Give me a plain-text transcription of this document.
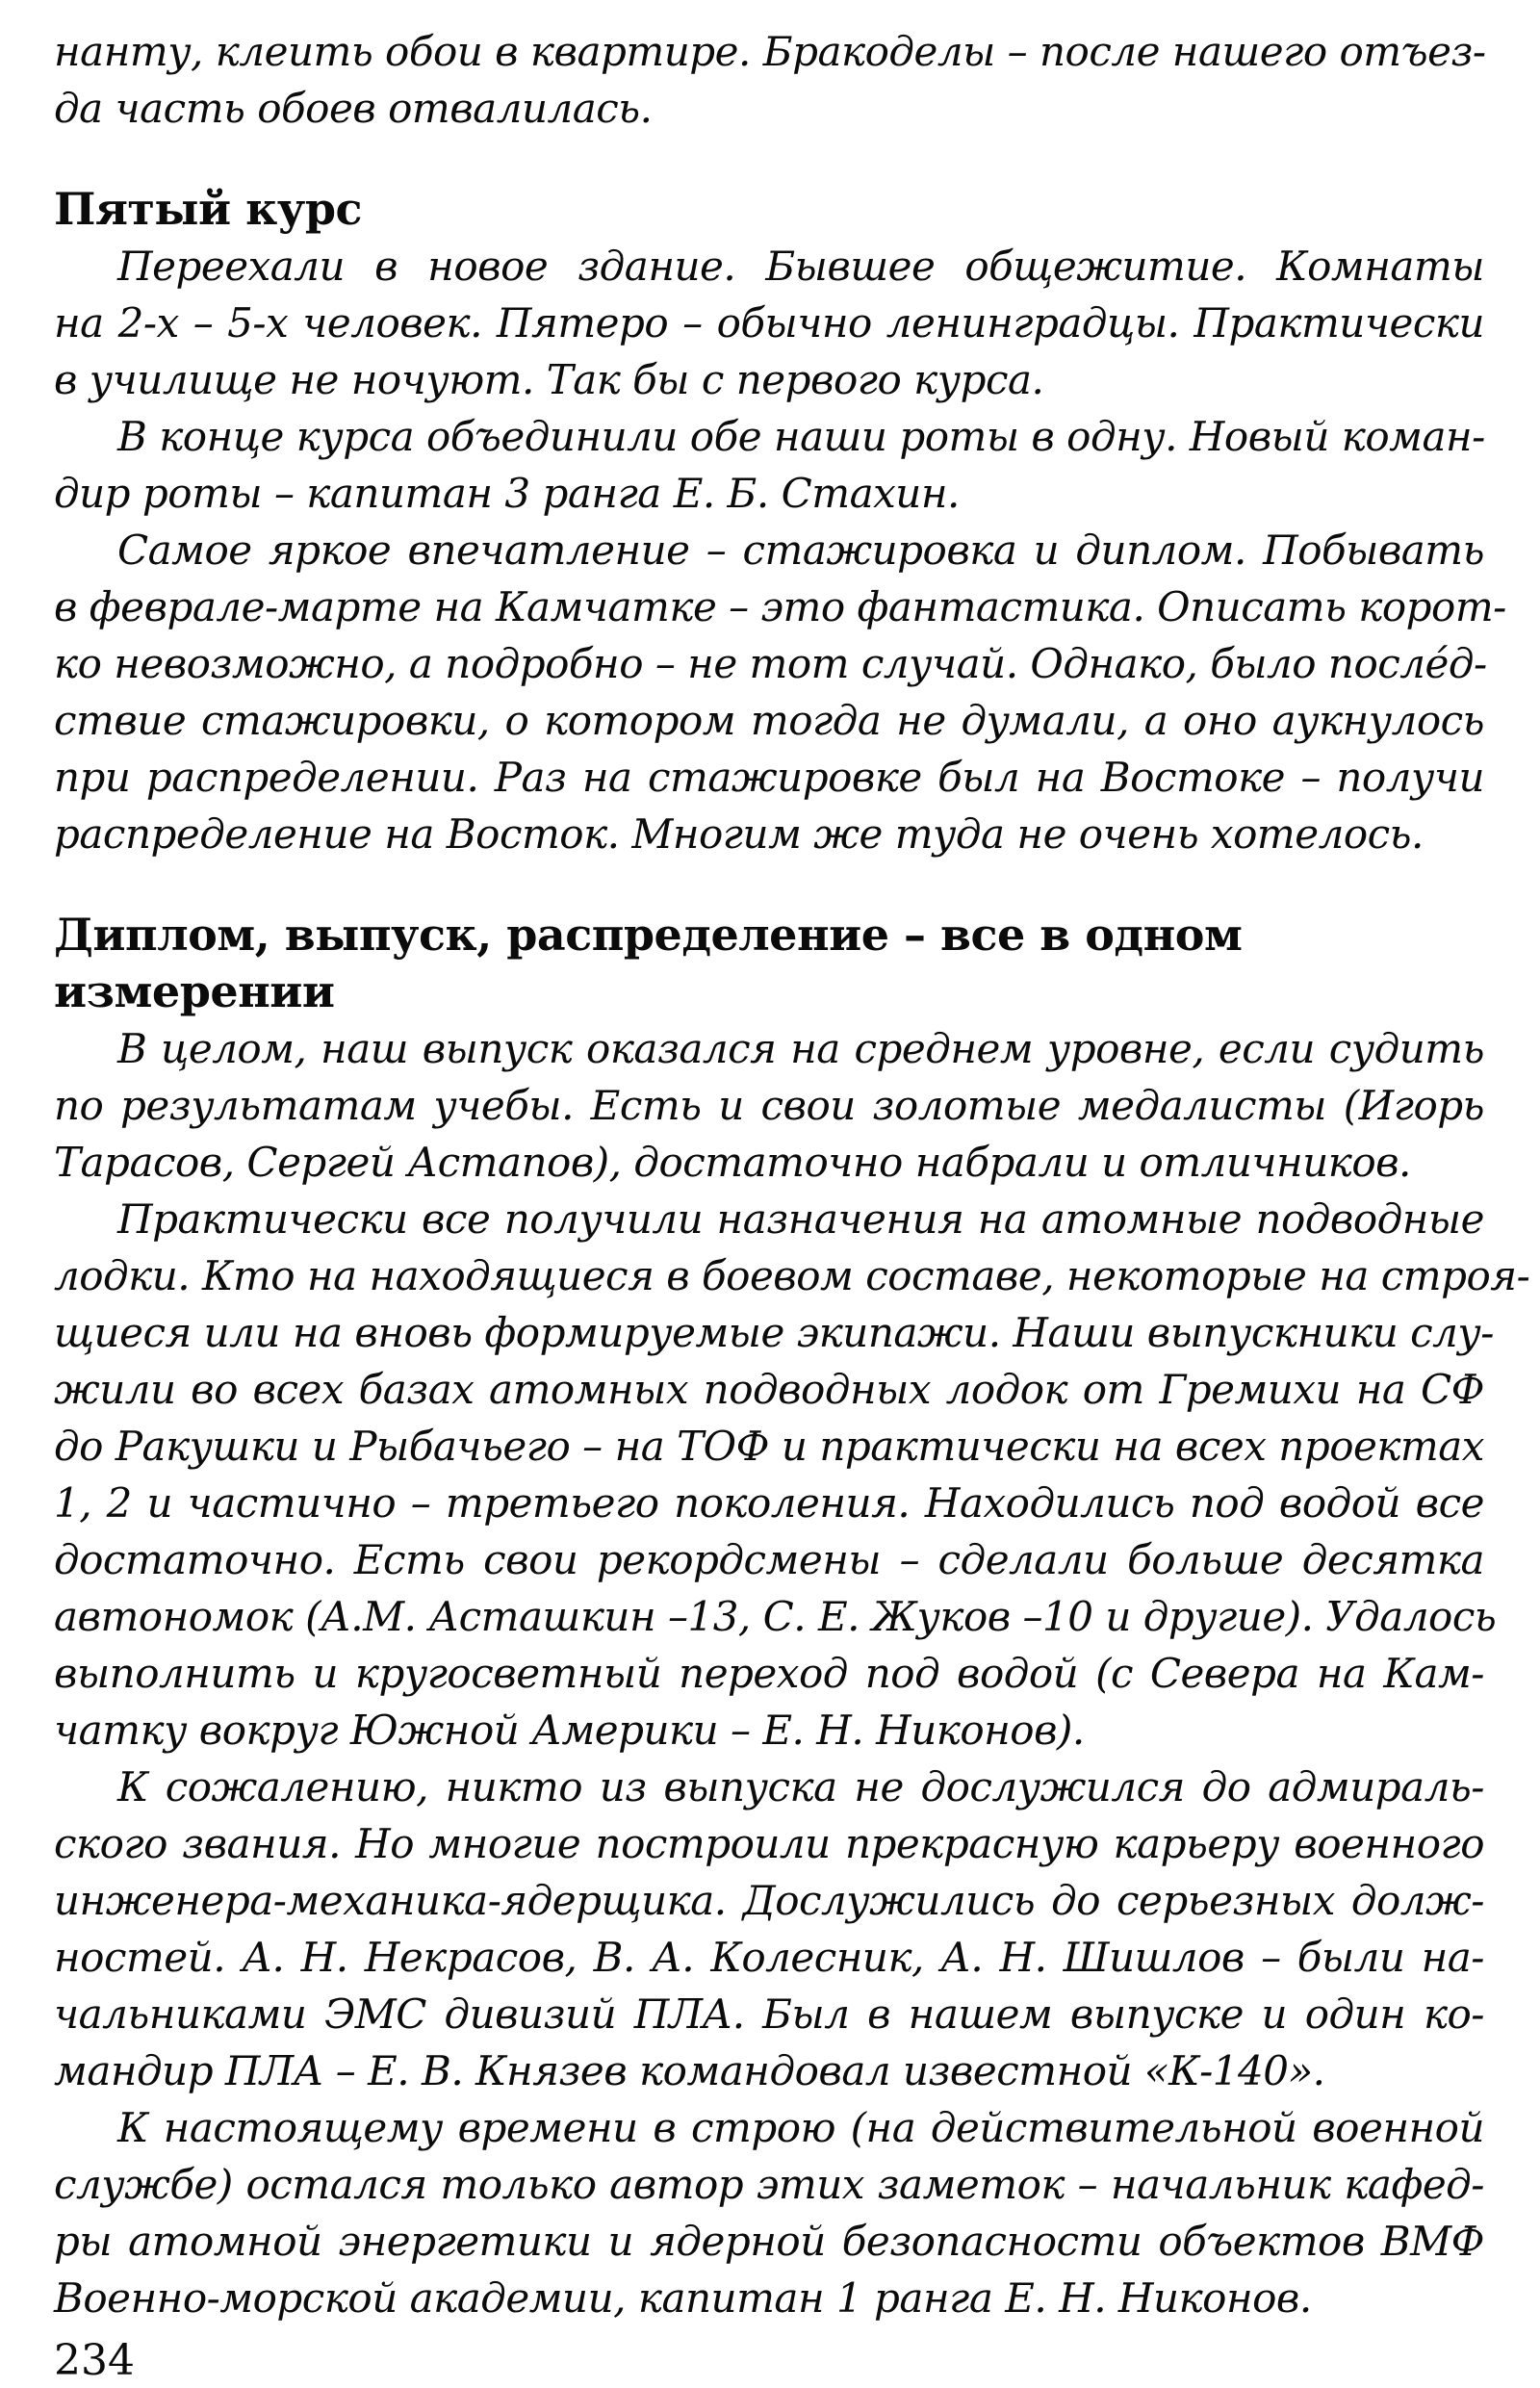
нанту, клеить обои в квартире. Бракоделы – после нашего отъез-
да часть обоев отвалилась.
Пятый курс
Переехали в новое здание. Бывшее общежитие. Комнаты
на 2-х – 5-х человек. Пятеро – обычно ленинградцы. Практически
в училище не ночуют. Так бы с первого курса.
В конце курса объединили обе наши роты в одну. Новый коман-
дир роты – капитан 3 ранга Е. Б. Стахин.
Самое яркое впечатление – стажировка и диплом. Побывать
в феврале-марте на Камчатке – это фантастика. Описать корот-
ко невозможно, а подробно – не тот случай. Однако, было после́д-
ствие стажировки, о котором тогда не думали, а оно аукнулось
при распределении. Раз на стажировке был на Востоке – получи
распределение на Восток. Многим же туда не очень хотелось.
Диплом, выпуск, распределение – все в одном измерении
В целом, наш выпуск оказался на среднем уровне, если судить
по результатам учебы. Есть и свои золотые медалисты (Игорь
Тарасов, Сергей Астапов), достаточно набрали и отличников.
Практически все получили назначения на атомные подводные
лодки. Кто на находящиеся в боевом составе, некоторые на строя-
щиеся или на вновь формируемые экипажи. Наши выпускники слу-
жили во всех базах атомных подводных лодок от Гремихи на СФ
до Ракушки и Рыбачьего – на ТОФ и практически на всех проектах
1, 2 и частично – третьего поколения. Находились под водой все
достаточно. Есть свои рекордсмены – сделали больше десятка
автономок (А.М. Асташкин –13, С. Е. Жуков –10 и другие). Удалось
выполнить и кругосветный переход под водой (с Севера на Кам-
чатку вокруг Южной Америки – Е. Н. Никонов).
К сожалению, никто из выпуска не дослужился до адмираль-
ского звания. Но многие построили прекрасную карьеру военного
инженера-механика-ядерщика. Дослужились до серьезных долж-
ностей. А. Н. Некрасов, В. А. Колесник, А. Н. Шишлов – были на-
чальниками ЭМС дивизий ПЛА. Был в нашем выпуске и один ко-
мандир ПЛА – Е. В. Князев командовал известной «К-140».
К настоящему времени в строю (на действительной военной
службе) остался только автор этих заметок – начальник кафед-
ры атомной энергетики и ядерной безопасности объектов ВМФ
Военно-морской академии, капитан 1 ранга Е. Н. Никонов.
234
